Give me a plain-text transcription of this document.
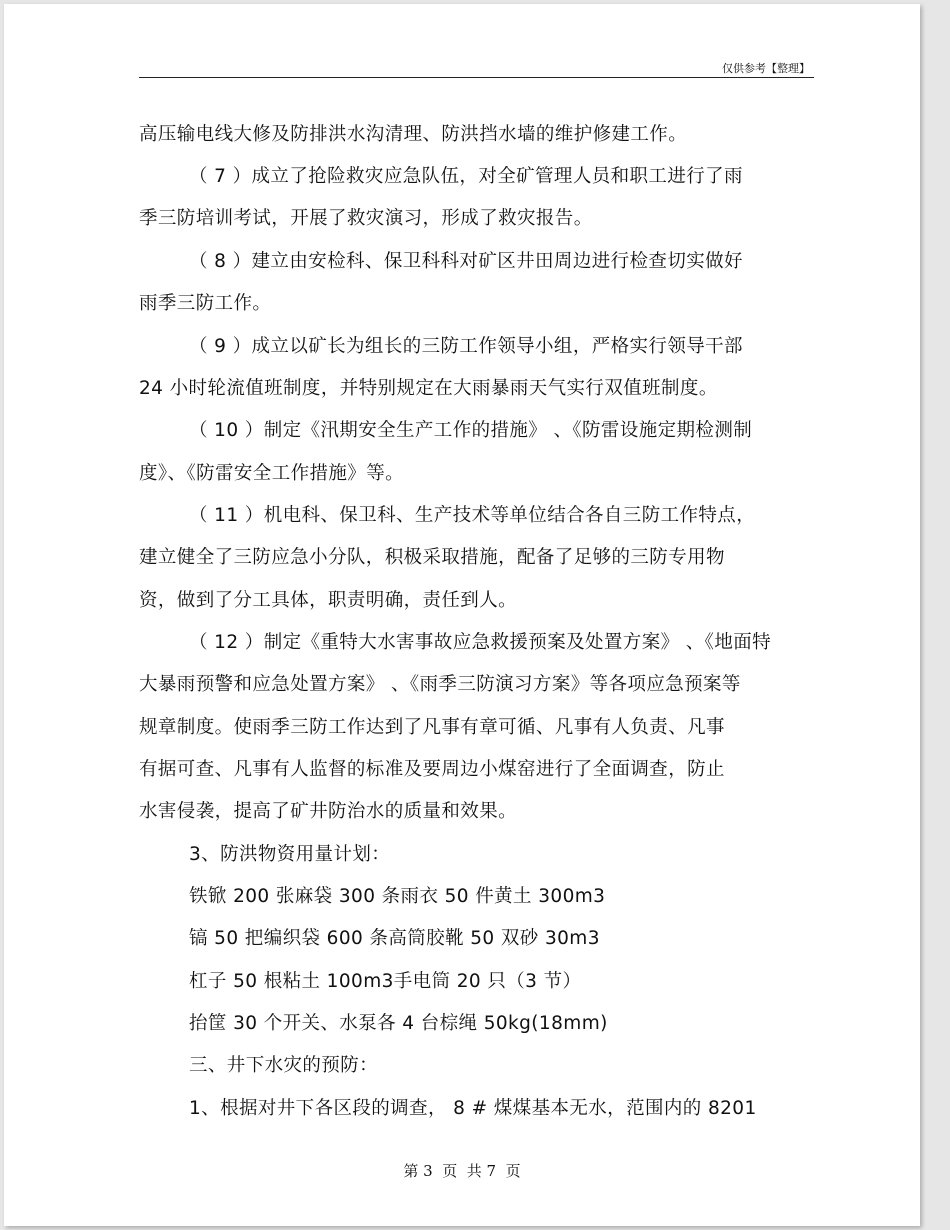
仅供参考【整理】
高压输电线大修及防排洪水沟清理、防洪挡水墙的维护修建工作。
（ 7 ）成立了抢险救灾应急队伍，对全矿管理人员和职工进行了雨
季三防培训考试，开展了救灾演习，形成了救灾报告。
（ 8 ）建立由安检科、保卫科科对矿区井田周边进行检查切实做好
雨季三防工作。
（ 9 ）成立以矿长为组长的三防工作领导小组，严格实行领导干部
24 小时轮流值班制度，并特别规定在大雨暴雨天气实行双值班制度。
（ 10 ）制定《汛期安全生产工作的措施》 、《防雷设施定期检测制
度》、《防雷安全工作措施》等。
（ 11 ）机电科、保卫科、生产技术等单位结合各自三防工作特点，
建立健全了三防应急小分队，积极采取措施，配备了足够的三防专用物
资，做到了分工具体，职责明确，责任到人。
（ 12 ）制定《重特大水害事故应急救援预案及处置方案》 、《地面特
大暴雨预警和应急处置方案》 、《雨季三防演习方案》等各项应急预案等
规章制度。使雨季三防工作达到了凡事有章可循、凡事有人负责、凡事
有据可查、凡事有人监督的标准及要周边小煤窑进行了全面调查，防止
水害侵袭，提高了矿井防治水的质量和效果。
3、防洪物资用量计划：
铁锨 200 张麻袋 300 条雨衣 50 件黄土 300m3
镐 50 把编织袋 600 条高筒胶靴 50 双砂 30m3
杠子 50 根粘土 100m3手电筒 20 只（3 节）
抬筐 30 个开关、水泵各 4 台棕绳 50kg(18mm)
三、井下水灾的预防：
1、根据对井下各区段的调查， 8 # 煤煤基本无水，范围内的 8201
第 3  页  共 7  页
